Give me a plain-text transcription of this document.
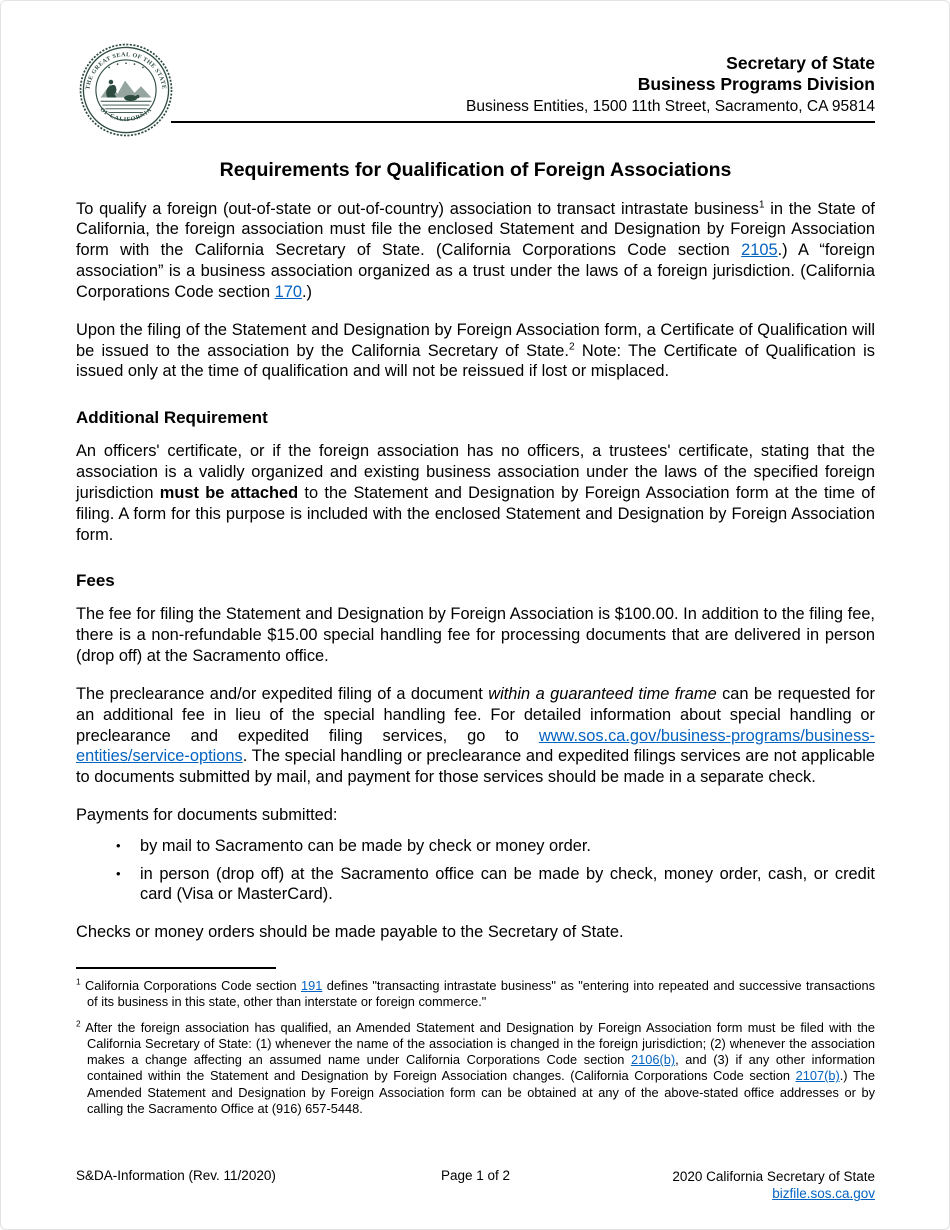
THE GREAT SEAL OF THE STATE
OF CALIFORNIA
Secretary of State
Business Programs Division
Business Entities, 1500 11th Street, Sacramento, CA 95814
Requirements for Qualification of Foreign Associations

To qualify a foreign (out-of-state or out-of-country) association to transact intrastate business$^1$ in the State of California, the foreign association must file the enclosed Statement and Designation by Foreign Association form with the California Secretary of State. (California Corporations Code section 2105.) A “foreign association” is a business association organized as a trust under the laws of a foreign jurisdiction. (California Corporations Code section 170.)

Upon the filing of the Statement and Designation by Foreign Association form, a Certificate of Qualification will be issued to the association by the California Secretary of State.$^2$ Note: The Certificate of Qualification is issued only at the time of qualification and will not be reissued if lost or misplaced.

Additional Requirement

An officers' certificate, or if the foreign association has no officers, a trustees' certificate, stating that the association is a validly organized and existing business association under the laws of the specified foreign jurisdiction must be attached to the Statement and Designation by Foreign Association form at the time of filing. A form for this purpose is included with the enclosed Statement and Designation by Foreign Association form.

Fees

The fee for filing the Statement and Designation by Foreign Association is $100.00. In addition to the filing fee, there is a non-refundable $15.00 special handling fee for processing documents that are delivered in person (drop off) at the Sacramento office.

The preclearance and/or expedited filing of a document within a guaranteed time frame can be requested for an additional fee in lieu of the special handling fee. For detailed information about special handling or preclearance and expedited filing services, go to www.sos.ca.gov/business-programs/business-entities/service-options. The special handling or preclearance and expedited filings services are not applicable to documents submitted by mail, and payment for those services should be made in a separate check.

Payments for documents submitted:

• by mail to Sacramento can be made by check or money order.
• in person (drop off) at the Sacramento office can be made by check, money order, cash, or credit card (Visa or MasterCard).

Checks or money orders should be made payable to the Secretary of State.

$^1$ California Corporations Code section 191 defines "transacting intrastate business" as "entering into repeated and successive transactions of its business in this state, other than interstate or foreign commerce."

$^2$ After the foreign association has qualified, an Amended Statement and Designation by Foreign Association form must be filed with the California Secretary of State: (1) whenever the name of the association is changed in the foreign jurisdiction; (2) whenever the association makes a change affecting an assumed name under California Corporations Code section 2106(b), and (3) if any other information contained within the Statement and Designation by Foreign Association changes. (California Corporations Code section 2107(b).) The Amended Statement and Designation by Foreign Association form can be obtained at any of the above-stated office addresses or by calling the Sacramento Office at (916) 657-5448.

S&DA-Information (Rev. 11/2020)	Page 1 of 2	2020 California Secretary of State
bizfile.sos.ca.gov
